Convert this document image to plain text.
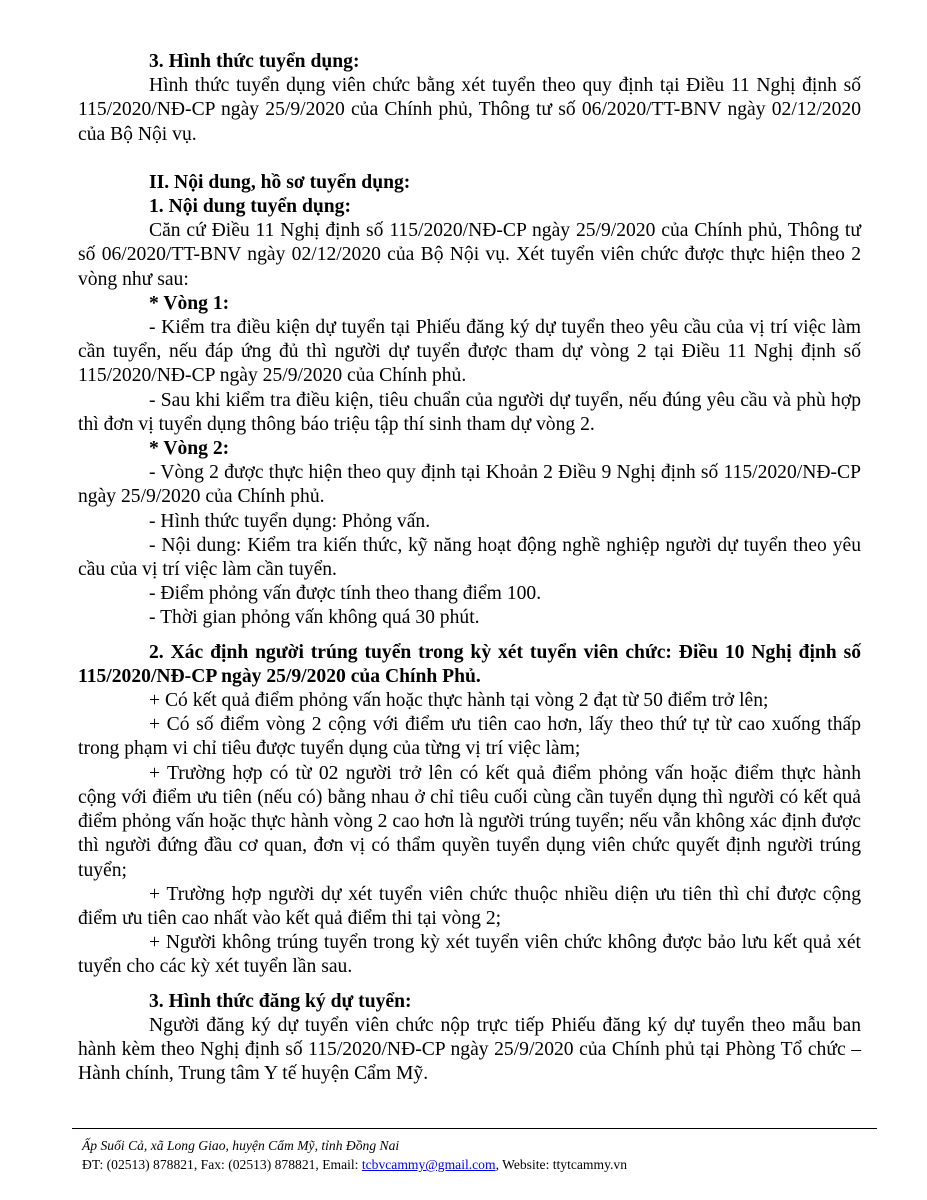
3. Hình thức tuyển dụng:

Hình thức tuyển dụng viên chức bằng xét tuyển theo quy định tại Điều 11 Nghị định số 115/2020/NĐ-CP ngày 25/9/2020 của Chính phủ, Thông tư số 06/2020/TT-BNV ngày 02/12/2020 của Bộ Nội vụ.

II. Nội dung, hồ sơ tuyển dụng:

1. Nội dung tuyển dụng:

Căn cứ Điều 11 Nghị định số 115/2020/NĐ-CP ngày 25/9/2020 của Chính phủ, Thông tư số 06/2020/TT-BNV ngày 02/12/2020 của Bộ Nội vụ. Xét tuyển viên chức được thực hiện theo 2 vòng như sau:

* Vòng 1:

- Kiểm tra điều kiện dự tuyển tại Phiếu đăng ký dự tuyển theo yêu cầu của vị trí việc làm cần tuyển, nếu đáp ứng đủ thì người dự tuyển được tham dự vòng 2 tại Điều 11 Nghị định số 115/2020/NĐ-CP ngày 25/9/2020 của Chính phủ.

- Sau khi kiểm tra điều kiện, tiêu chuẩn của người dự tuyển, nếu đúng yêu cầu và phù hợp thì đơn vị tuyển dụng thông báo triệu tập thí sinh tham dự vòng 2.

* Vòng 2:

- Vòng 2 được thực hiện theo quy định tại Khoản 2 Điều 9 Nghị định số 115/2020/NĐ-CP ngày 25/9/2020 của Chính phủ.

- Hình thức tuyển dụng: Phỏng vấn.

- Nội dung: Kiểm tra kiến thức, kỹ năng hoạt động nghề nghiệp người dự tuyển theo yêu cầu của vị trí việc làm cần tuyển.

- Điểm phỏng vấn được tính theo thang điểm 100.

- Thời gian phỏng vấn không quá 30 phút.

2. Xác định người trúng tuyển trong kỳ xét tuyển viên chức: Điều 10 Nghị định số 115/2020/NĐ-CP ngày 25/9/2020 của Chính Phủ.

+ Có kết quả điểm phỏng vấn hoặc thực hành tại vòng 2 đạt từ 50 điểm trở lên;

+ Có số điểm vòng 2 cộng với điểm ưu tiên cao hơn, lấy theo thứ tự từ cao xuống thấp trong phạm vi chỉ tiêu được tuyển dụng của từng vị trí việc làm;

+ Trường hợp có từ 02 người trở lên có kết quả điểm phỏng vấn hoặc điểm thực hành cộng với điểm ưu tiên (nếu có) bằng nhau ở chỉ tiêu cuối cùng cần tuyển dụng thì người có kết quả điểm phỏng vấn hoặc thực hành vòng 2 cao hơn là người trúng tuyển; nếu vẫn không xác định được thì người đứng đầu cơ quan, đơn vị có thẩm quyền tuyển dụng viên chức quyết định người trúng tuyển;

+ Trường hợp người dự xét tuyển viên chức thuộc nhiều diện ưu tiên thì chỉ được cộng điểm ưu tiên cao nhất vào kết quả điểm thi tại vòng 2;

+ Người không trúng tuyển trong kỳ xét tuyển viên chức không được bảo lưu kết quả xét tuyển cho các kỳ xét tuyển lần sau.

3. Hình thức đăng ký dự tuyển:

Người đăng ký dự tuyển viên chức nộp trực tiếp Phiếu đăng ký dự tuyển theo mẫu ban hành kèm theo Nghị định số 115/2020/NĐ-CP ngày 25/9/2020 của Chính phủ tại Phòng Tổ chức – Hành chính, Trung tâm Y tế huyện Cẩm Mỹ.

Ấp Suối Cả, xã Long Giao, huyện Cẩm Mỹ, tỉnh Đồng Nai

ĐT: (02513) 878821, Fax: (02513) 878821, Email: tcbvcammy@gmail.com, Website: ttytcammy.vn
